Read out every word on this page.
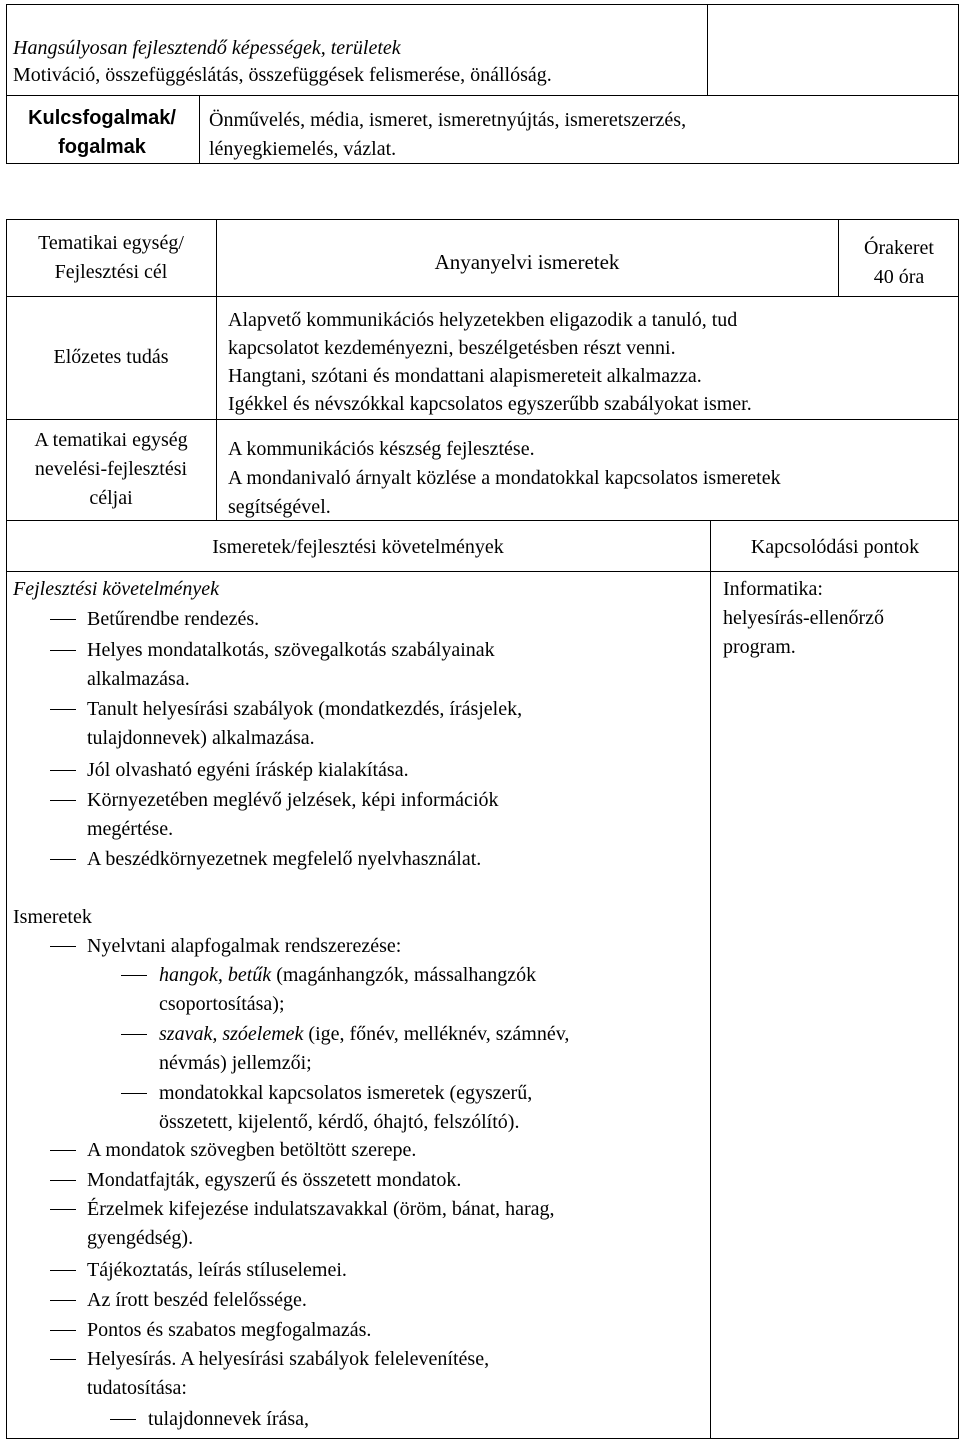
Hangsúlyosan fejlesztendő képességek, területek
Motiváció, összefüggéslátás, összefüggések felismerése, önállóság.
Kulcsfogalmak/
fogalmak
Önművelés, média, ismeret, ismeretnyújtás, ismeretszerzés,
lényegkiemelés, vázlat.
Tematikai egység/
Fejlesztési cél	Anyanyelvi ismeretek
Órakeret
40 óra
Előzetes tudás
Alapvető kommunikációs helyzetekben eligazodik a tanuló, tud
kapcsolatot kezdeményezni, beszélgetésben részt venni.
Hangtani, szótani és mondattani alapismereteit alkalmazza.
Igékkel és névszókkal kapcsolatos egyszerűbb szabályokat ismer.
A tematikai egység
nevelési-fejlesztési
céljai
A kommunikációs készség fejlesztése.
A mondanivaló árnyalt közlése a mondatokkal kapcsolatos ismeretek
segítségével.
Ismeretek/fejlesztési követelmények	Kapcsolódási pontok
Informatika:
helyesírás-ellenőrző
program.
Fejlesztési követelmények
Betűrendbe rendezés.
Helyes mondatalkotás, szövegalkotás szabályainak
alkalmazása.
Tanult helyesírási szabályok (mondatkezdés, írásjelek,
tulajdonnevek) alkalmazása.
Jól olvasható egyéni íráskép kialakítása.
Környezetében meglévő jelzések, képi információk
megértése.
A beszédkörnyezetnek megfelelő nyelvhasználat.
Ismeretek
Nyelvtani alapfogalmak rendszerezése:
hangok, betűk (magánhangzók, mássalhangzók
csoportosítása);
szavak, szóelemek (ige, főnév, melléknév, számnév,
névmás) jellemzői;
mondatokkal kapcsolatos ismeretek (egyszerű,
összetett, kijelentő, kérdő, óhajtó, felszólító).
A mondatok szövegben betöltött szerepe.
Mondatfajták, egyszerű és összetett mondatok.
Érzelmek kifejezése indulatszavakkal (öröm, bánat, harag,
gyengédség).
Tájékoztatás, leírás stíluselemei.
Az írott beszéd felelőssége.
Pontos és szabatos megfogalmazás.
Helyesírás. A helyesírási szabályok felelevenítése,
tudatosítása:
tulajdonnevek írása,
